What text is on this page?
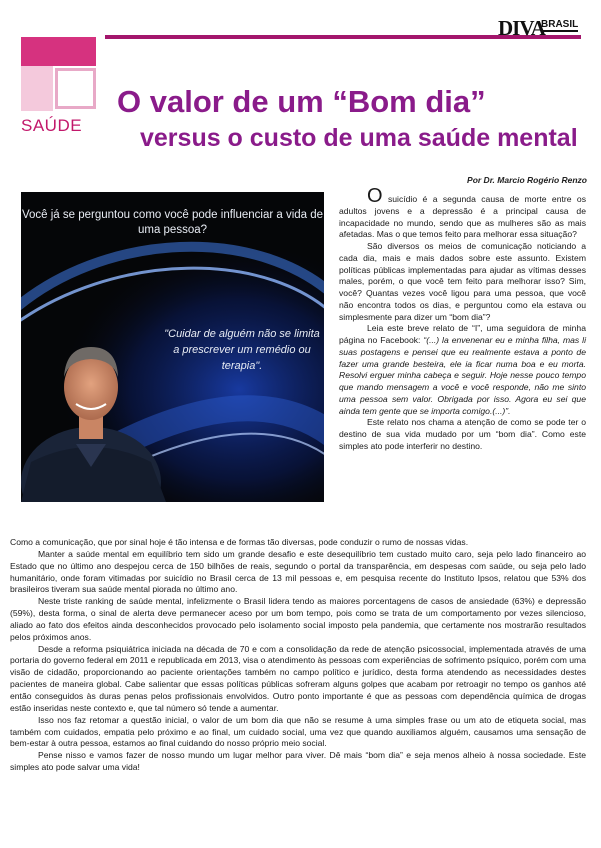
DIVA
BRASIL
SAÚDE
O valor de um “Bom dia”
versus o custo de uma saúde mental
Por Dr. Marcio Rogério Renzo
Você já se perguntou como você pode influenciar a vida de uma pessoa?
"Cuidar de alguém não se limita a prescrever um remédio ou terapia".

O suicídio é a segunda causa de morte entre os adultos jovens e a depressão é a principal causa de incapacidade no mundo, sendo que as mulheres são as mais afetadas. Mas o que temos feito para melhorar essa situação?

São diversos os meios de comunicação noticiando a cada dia, mais e mais dados sobre este assunto. Existem políticas públicas implementadas para ajudar as vítimas desses males, porém, o que você tem feito para melhorar isso? Sim, você? Quantas vezes você ligou para uma pessoa, que você não encontra todos os dias, e perguntou como ela estava ou simplesmente para dizer um “bom dia”?

Leia este breve relato de “I”, uma seguidora de minha página no Facebook: “(...) la envenenar eu e minha filha, mas li suas postagens e pensei que eu realmente estava a ponto de fazer uma grande besteira, ele ia ficar numa boa e eu morta. Resolvi erguer minha cabeça e seguir. Hoje nesse pouco tempo que mando mensagem a você e você responde, não me sinto uma pessoa sem valor. Obrigada por isso. Agora eu sei que ainda tem gente que se importa comigo.(...)”.

Este relato nos chama a atenção de como se pode ter o destino de sua vida mudado por um “bom dia”. Como este simples ato pode interferir no destino.

Como a comunicação, que por sinal hoje é tão intensa e de formas tão diversas, pode conduzir o rumo de nossas vidas.

Manter a saúde mental em equilíbrio tem sido um grande desafio e este desequilíbrio tem custado muito caro, seja pelo lado financeiro ao Estado que no último ano despejou cerca de 150 bilhões de reais, segundo o portal da transparência, em despesas com saúde, ou seja pelo lado humanitário, onde foram vitimadas por suicídio no Brasil cerca de 13 mil pessoas e, em pesquisa recente do Instituto Ipsos, relatou que 53% dos brasileiros tiveram sua saúde mental piorada no último ano.

Neste triste ranking de saúde mental, infelizmente o Brasil lidera tendo as maiores porcentagens de casos de ansiedade (63%) e depressão (59%), desta forma, o sinal de alerta deve permanecer aceso por um bom tempo, pois como se trata de um comportamento por vezes silencioso, aliado ao fato dos efeitos ainda desconhecidos provocado pelo isolamento social imposto pela pandemia, que certamente nos mostrarão resultados pelos próximos anos.

Desde a reforma psiquiátrica iniciada na década de 70 e com a consolidação da rede de atenção psicossocial, implementada através de uma portaria do governo federal em 2011 e republicada em 2013, visa o atendimento às pessoas com experiências de sofrimento psíquico, porém com uma visão de cidadão, proporcionando ao paciente orientações também no campo político e jurídico, desta forma atendendo as necessidades destes pacientes de maneira global. Cabe salientar que essas políticas públicas sofreram alguns golpes que acabam por retroagir no tempo os ganhos até então conseguidos às duras penas pelos profissionais envolvidos. Outro ponto importante é que as pessoas com dependência química de drogas estão inseridas neste contexto e, que tal número só tende a aumentar.

Isso nos faz retomar a questão inicial, o valor de um bom dia que não se resume à uma simples frase ou um ato de etiqueta social, mas também com cuidados, empatia pelo próximo e ao final, um cuidado social, uma vez que quando auxiliamos alguém, causamos uma sensação de bem-estar à outra pessoa, estamos ao final cuidando do nosso próprio meio social.

Pense nisso e vamos fazer de nosso mundo um lugar melhor para viver. Dê mais “bom dia” e seja menos alheio à nossa sociedade. Este simples ato pode salvar uma vida!
